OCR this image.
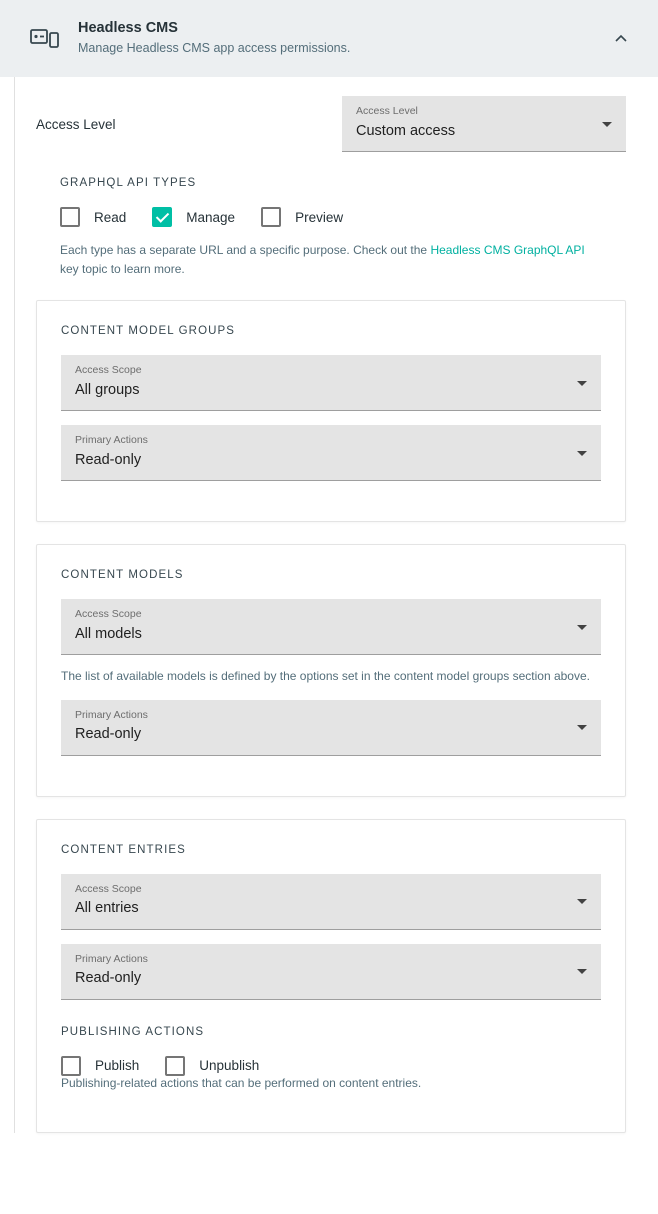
Headless CMS
Manage Headless CMS app access permissions.
Access Level
Access Level
Custom access
GRAPHQL API TYPES
Read	Manage	Preview
Each type has a separate URL and a specific purpose. Check out the Headless CMS GraphQL API key topic to learn more.
CONTENT MODEL GROUPS
Access Scope
All groups
Primary Actions
Read-only
CONTENT MODELS
Access Scope
All models
The list of available models is defined by the options set in the content model groups section above.
Primary Actions
Read-only
CONTENT ENTRIES
Access Scope
All entries
Primary Actions
Read-only
PUBLISHING ACTIONS
Publish	Unpublish
Publishing-related actions that can be performed on content entries.
